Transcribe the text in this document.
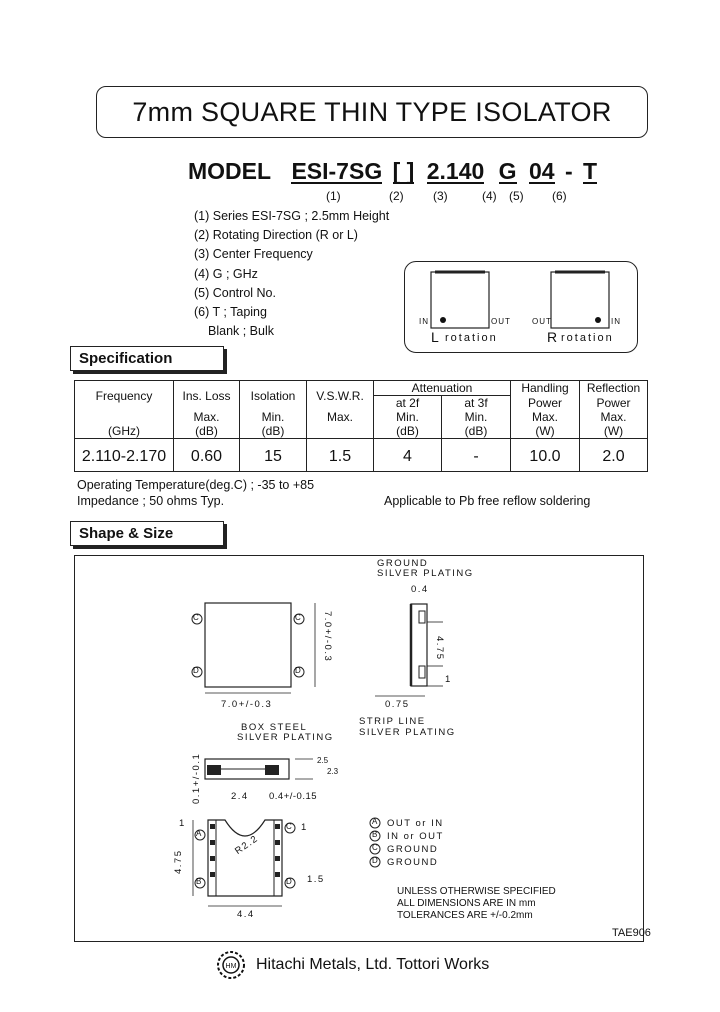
7mm SQUARE THIN TYPE ISOLATOR
MODEL ESI-7SG [ ] 2.140 G 04 - T
(1)	(2) (3)	(4) (5) (6)
(1) Series ESI-7SG ; 2.5mm Height
(2) Rotating Direction (R or L)
(3) Center Frequency
(4) G ; GHz
(5) Control No.
(6) T ; Taping
Blank ; Bulk
IN	OUT	OUT	IN
L rotation	R rotation
Specification
Frequency	Ins. Loss	Isolation	V.S.W.R.	Attenuation		Handling	Reflection
				at 2f	at 3f	Power	Power
	Max.	Min.	Max.	Min.	Min.	Max.	Max.
(GHz)	(dB)	(dB)		(dB)	(dB)	(W)	(W)

2.110-2.170	0.60	15	1.5	4	-	10.0	2.0
Operating Temperature(deg.C) ; -35 to +85
Impedance ; 50 ohms Typ.	Applicable to Pb free reflow soldering
Shape & Size
C
D
C
D
A
B
C
D
GROUND
SILVER PLATING
0.4
4.75
1
0.75
7.0+/-0.3
7.0+/-0.3
STRIP LINE
SILVER PLATING
BOX STEEL
SILVER PLATING
0.1+/-0.1	2.5
2.3
2.4 0.4+/-0.15
1	1
4.75
R2.2
1.5
4.4
A OUT or IN
B IN or OUT
C GROUND
D GROUND
UNLESS OTHERWISE SPECIFIED
ALL DIMENSIONS ARE IN mm
TOLERANCES ARE +/-0.2mm
TAE906
HM Hitachi Metals, Ltd. Tottori Works
